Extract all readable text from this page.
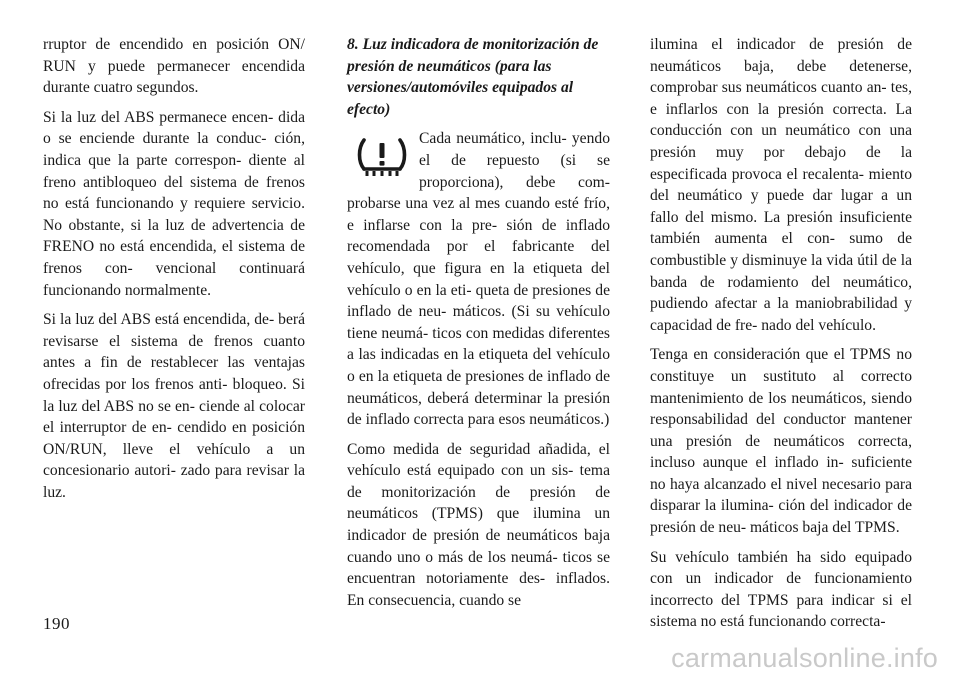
rruptor de encendido en posición ON/ RUN y puede permanecer encendida durante cuatro segundos.

Si la luz del ABS permanece encen- dida o se enciende durante la conduc- ción, indica que la parte correspon- diente al freno antibloqueo del sistema de frenos no está funcionando y requiere servicio. No obstante, si la luz de advertencia de FRENO no está encendida, el sistema de frenos con- vencional continuará funcionando normalmente.

Si la luz del ABS está encendida, de- berá revisarse el sistema de frenos cuanto antes a fin de restablecer las ventajas ofrecidas por los frenos anti- bloqueo. Si la luz del ABS no se en- ciende al colocar el interruptor de en- cendido en posición ON/RUN, lleve el vehículo a un concesionario autori- zado para revisar la luz.

8. Luz indicadora de monitorización de presión de neumáticos (para las versiones/automóviles equipados al efecto)

Cada neumático, inclu- yendo el de repuesto (si se proporciona), debe com- probarse una vez al mes cuando esté frío, e inflarse con la pre- sión de inflado recomendada por el fabricante del vehículo, que figura en la etiqueta del vehículo o en la eti- queta de presiones de inflado de neu- máticos. (Si su vehículo tiene neumá- ticos con medidas diferentes a las indicadas en la etiqueta del vehículo o en la etiqueta de presiones de inflado de neumáticos, deberá determinar la presión de inflado correcta para esos neumáticos.)

Como medida de seguridad añadida, el vehículo está equipado con un sis- tema de monitorización de presión de neumáticos (TPMS) que ilumina un indicador de presión de neumáticos baja cuando uno o más de los neumá- ticos se encuentran notoriamente des- inflados. En consecuencia, cuando se

ilumina el indicador de presión de neumáticos baja, debe detenerse, comprobar sus neumáticos cuanto an- tes, e inflarlos con la presión correcta. La conducción con un neumático con una presión muy por debajo de la especificada provoca el recalenta- miento del neumático y puede dar lugar a un fallo del mismo. La presión insuficiente también aumenta el con- sumo de combustible y disminuye la vida útil de la banda de rodamiento del neumático, pudiendo afectar a la maniobrabilidad y capacidad de fre- nado del vehículo.

Tenga en consideración que el TPMS no constituye un sustituto al correcto mantenimiento de los neumáticos, siendo responsabilidad del conductor mantener una presión de neumáticos correcta, incluso aunque el inflado in- suficiente no haya alcanzado el nivel necesario para disparar la ilumina- ción del indicador de presión de neu- máticos baja del TPMS.

Su vehículo también ha sido equipado con un indicador de funcionamiento incorrecto del TPMS para indicar si el sistema no está funcionando correcta-

190
carmanualsonline.info
